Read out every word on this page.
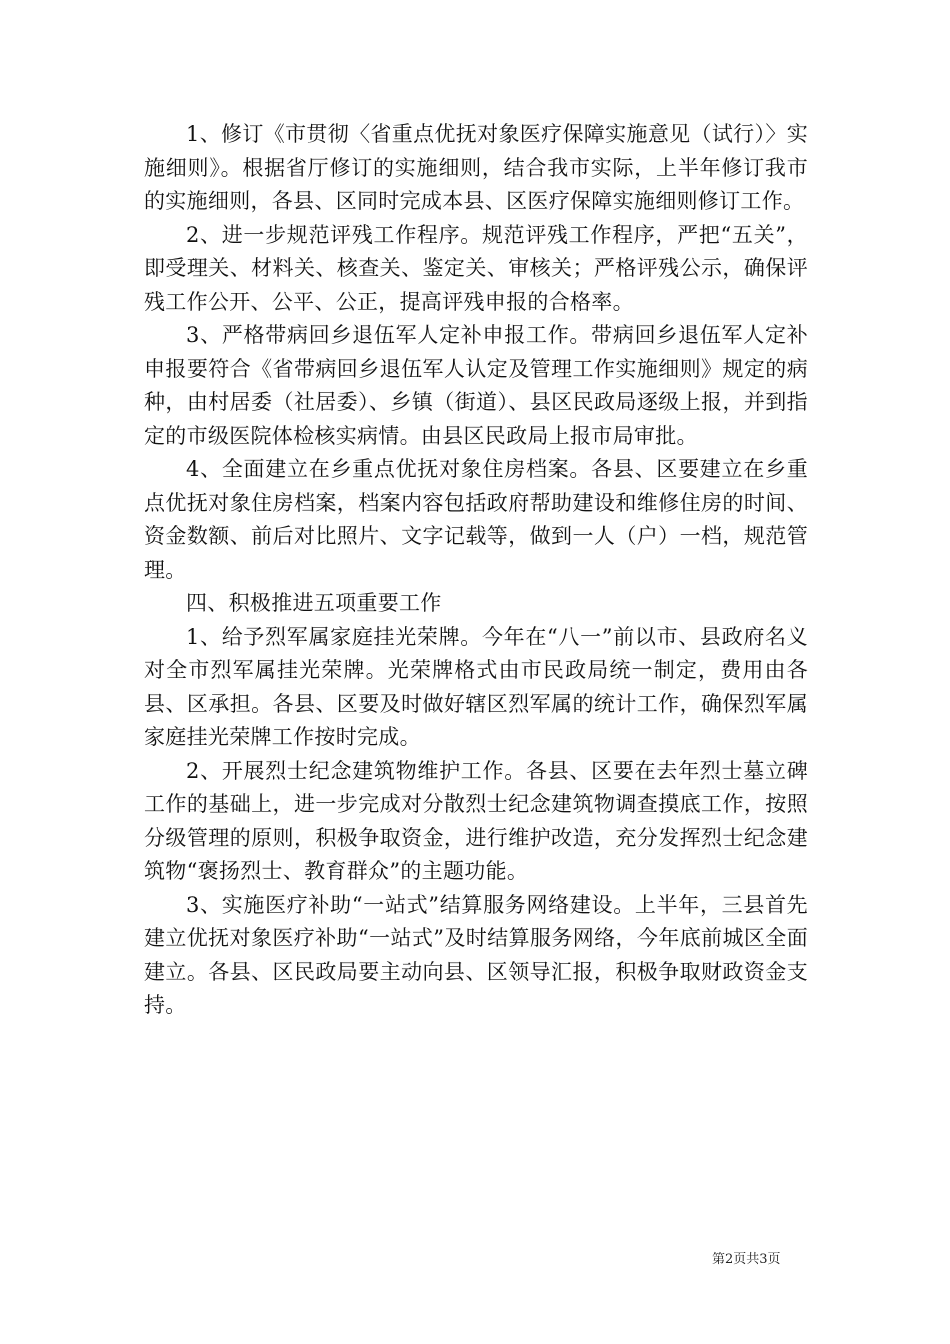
1、修订《市贯彻〈省重点优抚对象医疗保障实施意见（试行）〉实施细则》。根据省厅修订的实施细则，结合我市实际，上半年修订我市的实施细则，各县、区同时完成本县、区医疗保障实施细则修订工作。

2、进一步规范评残工作程序。规范评残工作程序，严把“五关”，即受理关、材料关、核查关、鉴定关、审核关；严格评残公示，确保评残工作公开、公平、公正，提高评残申报的合格率。

3、严格带病回乡退伍军人定补申报工作。带病回乡退伍军人定补申报要符合《省带病回乡退伍军人认定及管理工作实施细则》规定的病种，由村居委（社居委）、乡镇（街道）、县区民政局逐级上报，并到指定的市级医院体检核实病情。由县区民政局上报市局审批。

4、全面建立在乡重点优抚对象住房档案。各县、区要建立在乡重点优抚对象住房档案，档案内容包括政府帮助建设和维修住房的时间、资金数额、前后对比照片、文字记载等，做到一人（户）一档，规范管理。

四、积极推进五项重要工作

1、给予烈军属家庭挂光荣牌。今年在“八一”前以市、县政府名义对全市烈军属挂光荣牌。光荣牌格式由市民政局统一制定，费用由各县、区承担。各县、区要及时做好辖区烈军属的统计工作，确保烈军属家庭挂光荣牌工作按时完成。

2、开展烈士纪念建筑物维护工作。各县、区要在去年烈士墓立碑工作的基础上，进一步完成对分散烈士纪念建筑物调查摸底工作，按照分级管理的原则，积极争取资金，进行维护改造，充分发挥烈士纪念建筑物“褒扬烈士、教育群众”的主题功能。

3、实施医疗补助“一站式”结算服务网络建设。上半年，三县首先建立优抚对象医疗补助“一站式”及时结算服务网络，今年底前城区全面建立。各县、区民政局要主动向县、区领导汇报，积极争取财政资金支持。

第2页共3页
